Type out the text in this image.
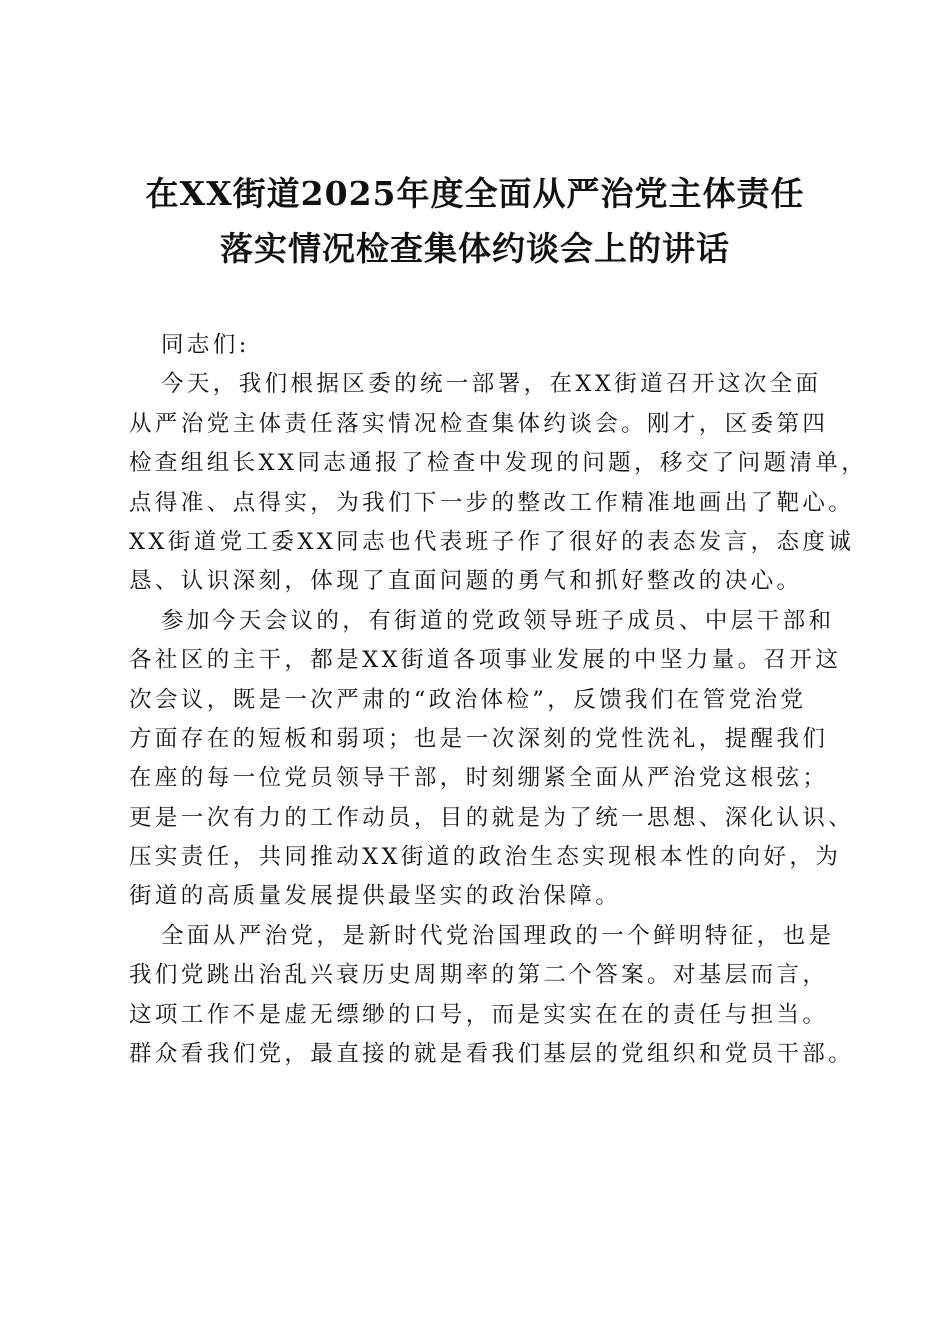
在XX街道2025年度全面从严治党主体责任
落实情况检查集体约谈会上的讲话
同志们:
今天，我们根据区委的统一部署，在XX街道召开这次全面
从严治党主体责任落实情况检查集体约谈会。刚才，区委第四
检查组组长XX同志通报了检查中发现的问题，移交了问题清单，
点得准、点得实，为我们下一步的整改工作精准地画出了靶心。
XX街道党工委XX同志也代表班子作了很好的表态发言，态度诚
恳、认识深刻，体现了直面问题的勇气和抓好整改的决心。
参加今天会议的，有街道的党政领导班子成员、中层干部和
各社区的主干，都是XX街道各项事业发展的中坚力量。召开这
次会议，既是一次严肃的“政治体检”，反馈我们在管党治党
方面存在的短板和弱项；也是一次深刻的党性洗礼，提醒我们
在座的每一位党员领导干部，时刻绷紧全面从严治党这根弦；
更是一次有力的工作动员，目的就是为了统一思想、深化认识、
压实责任，共同推动XX街道的政治生态实现根本性的向好，为
街道的高质量发展提供最坚实的政治保障。
全面从严治党，是新时代党治国理政的一个鲜明特征，也是
我们党跳出治乱兴衰历史周期率的第二个答案。对基层而言，
这项工作不是虚无缥缈的口号，而是实实在在的责任与担当。
群众看我们党，最直接的就是看我们基层的党组织和党员干部。
